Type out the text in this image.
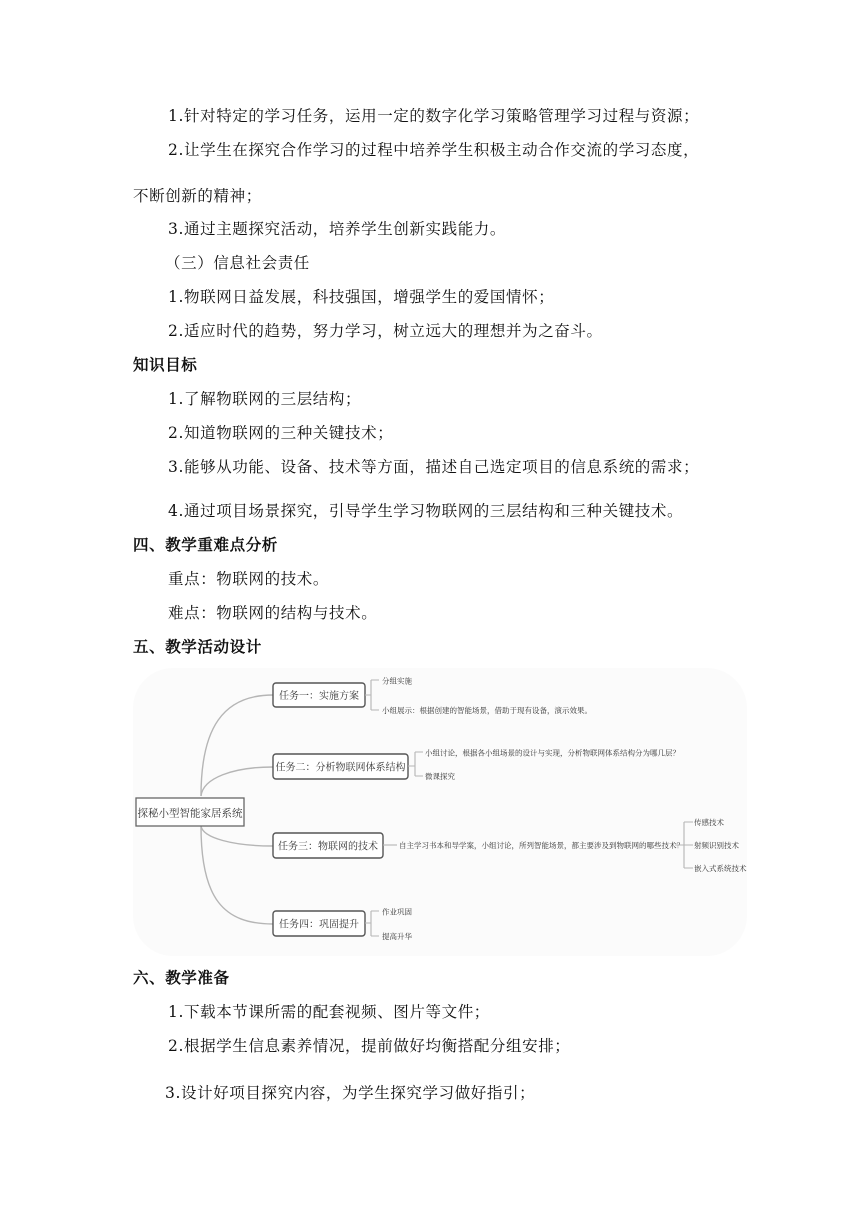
1.针对特定的学习任务，运用一定的数字化学习策略管理学习过程与资源；
2.让学生在探究合作学习的过程中培养学生积极主动合作交流的学习态度，
不断创新的精神；
3.通过主题探究活动，培养学生创新实践能力。
（三）信息社会责任
1.物联网日益发展，科技强国，增强学生的爱国情怀；
2.适应时代的趋势，努力学习，树立远大的理想并为之奋斗。
知识目标
1.了解物联网的三层结构；
2.知道物联网的三种关键技术；
3.能够从功能、设备、技术等方面，描述自己选定项目的信息系统的需求；
4.通过项目场景探究，引导学生学习物联网的三层结构和三种关键技术。
四、教学重难点分析
重点：物联网的技术。
难点：物联网的结构与技术。
五、教学活动设计
探秘小型智能家居系统
任务一：实施方案
分组实施
小组展示：根据创建的智能场景，借助于现有设备，演示效果。
任务二：分析物联网体系结构
小组讨论，根据各小组场景的设计与实现，分析物联网体系结构分为哪几层？
微课探究
任务三：物联网的技术	自主学习书本和导学案，小组讨论，所列智能场景，都主要涉及到物联网的哪些技术？
传感技术
射频识别技术
嵌入式系统技术
任务四：巩固提升
作业巩固
提高升华
六、教学准备
1.下载本节课所需的配套视频、图片等文件；
2.根据学生信息素养情况，提前做好均衡搭配分组安排；
3.设计好项目探究内容，为学生探究学习做好指引；
